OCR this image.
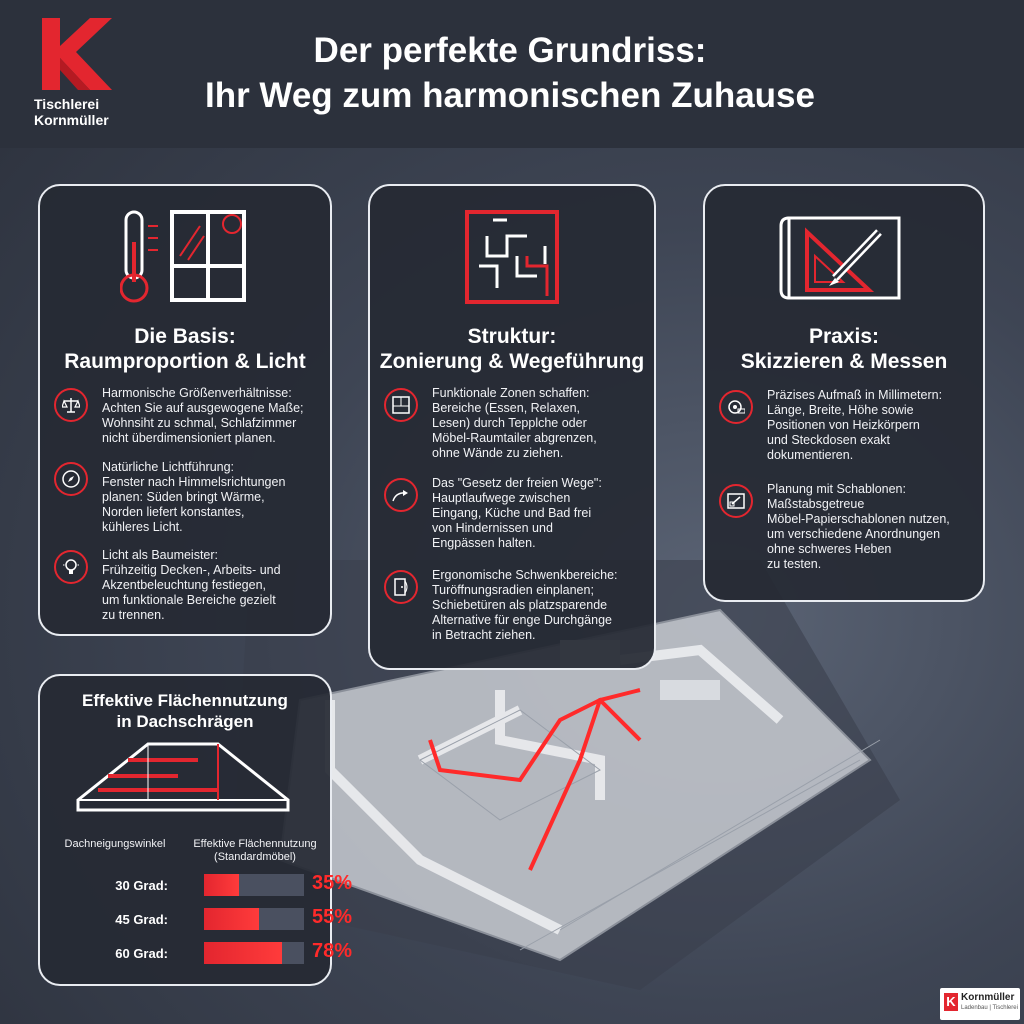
Tischlerei
Kornmüller
Der perfekte Grundriss:
Ihr Weg zum harmonischen Zuhause
Die Basis:
Raumproportion & Licht
Harmonische Größenverhältnisse:
Achten Sie auf ausgewogene Maße;
Wohnsiht zu schmal, Schlafzimmer
nicht überdimensioniert planen.
Natürliche Lichtführung:
Fenster nach Himmelsrichtungen
planen: Süden bringt Wärme,
Norden liefert konstantes,
kühleres Licht.
Licht als Baumeister:
Frühzeitig Decken-, Arbeits- und
Akzentbeleuchtung festiegen,
um funktionale Bereiche gezielt
zu trennen.
Struktur:
Zonierung & Wegeführung
Funktionale Zonen schaffen:
Bereiche (Essen, Relaxen,
Lesen) durch Tepplche oder
Möbel-Raumtailer abgrenzen,
ohne Wände zu ziehen.
Das "Gesetz der freien Wege":
Hauptlaufwege zwischen
Eingang, Küche und Bad frei
von Hindernissen und
Engpässen halten.
Ergonomische Schwenkbereiche:
Turöffnungsradien einplanen;
Schiebetüren als platzsparende
Alternative für enge Durchgänge
in Betracht ziehen.
Praxis:
Skizzieren & Messen
Präzises Aufmaß in Millimetern:
Länge, Breite, Höhe sowie
Positionen von Heizkörpern
und Steckdosen exakt
dokumentieren.
Planung mit Schablonen:
Maßstabsgetreue
Möbel-Papierschablonen nutzen,
um verschiedene Anordnungen
ohne schweres Heben
zu testen.
Effektive Flächennutzung
in Dachschrägen
Dachneigungswinkel	Effektive Flächennutzung
(Standardmöbel)
30 Grad:	35%
45 Grad:	55%
60 Grad:	78%
K Kornmüller
Ladenbau | Tischlerei
